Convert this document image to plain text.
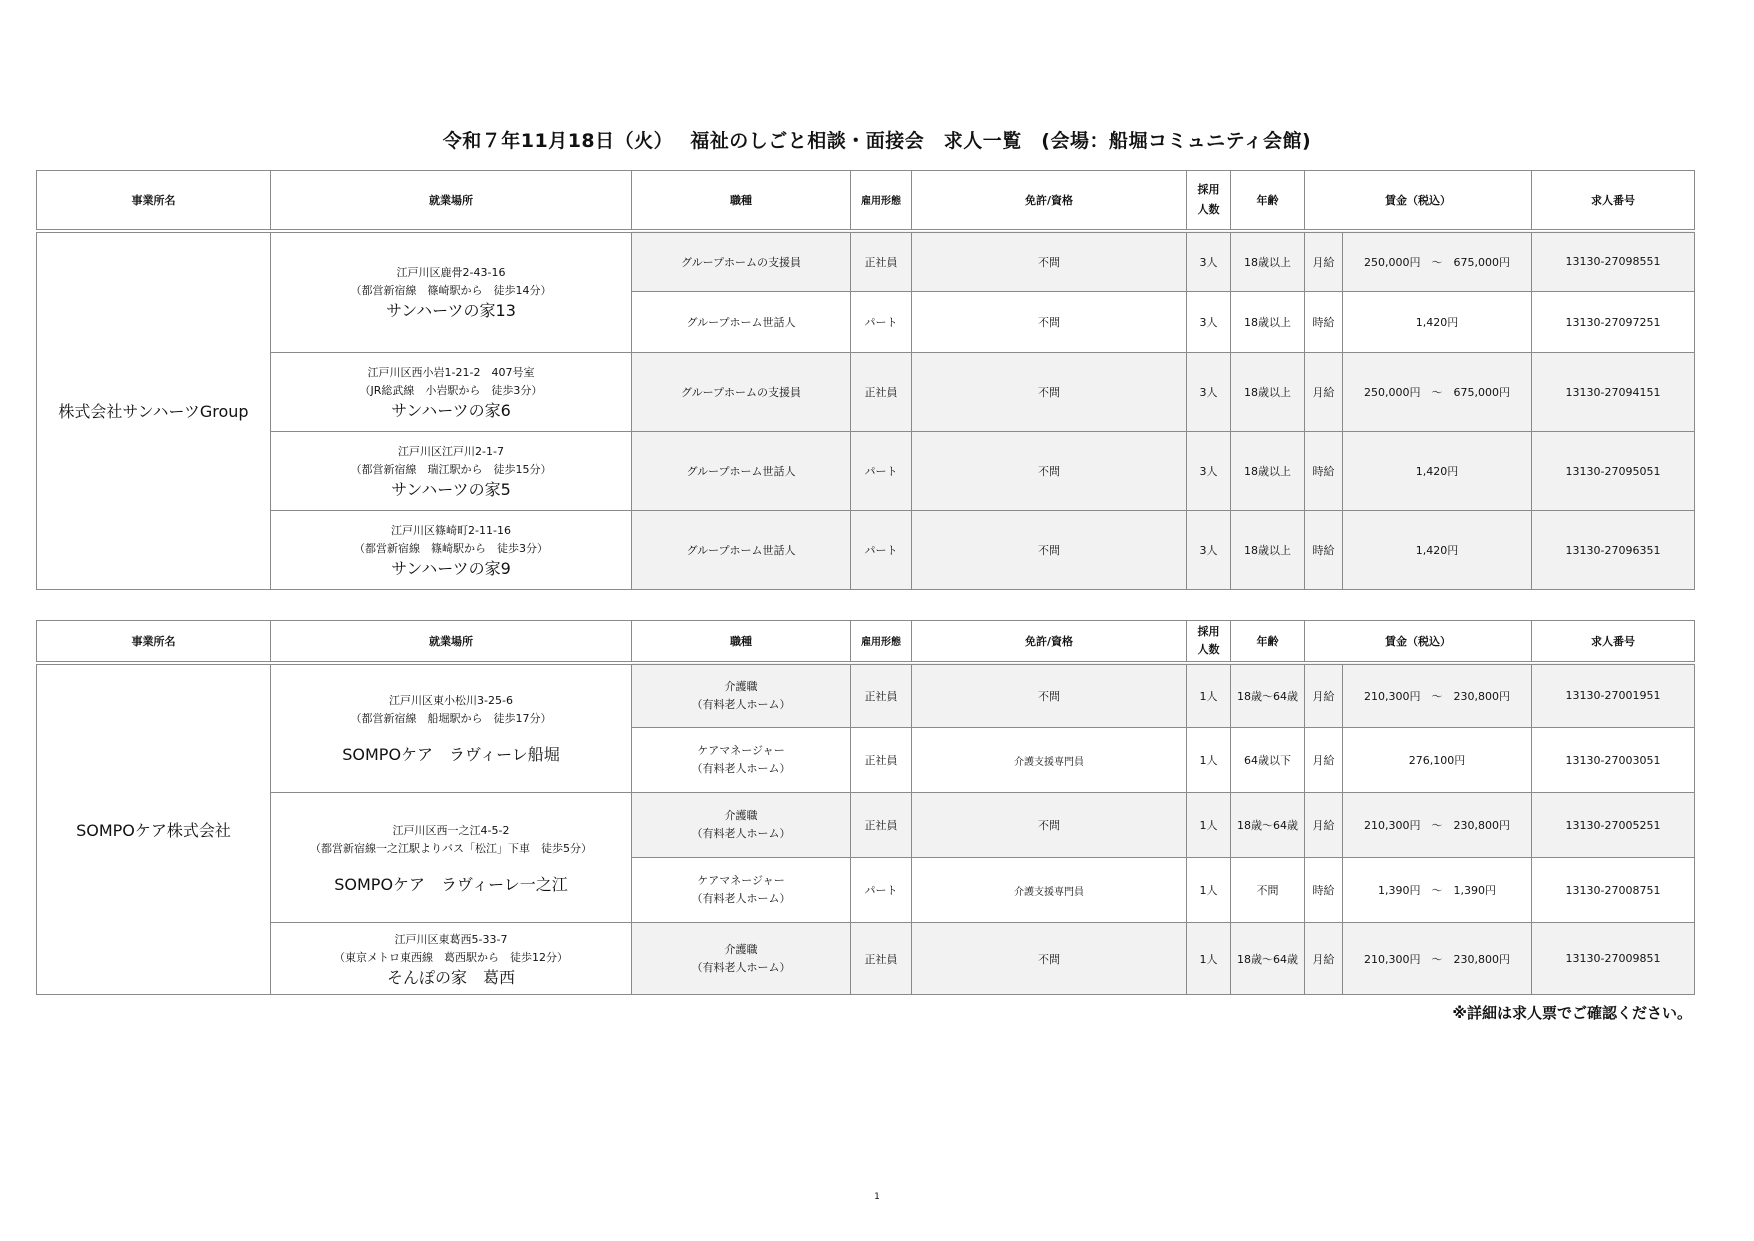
令和７年11月18日（火）　 福祉のしごと相談・面接会　求人一覧　(会場：船堀コミュニティ会館)
事業所名	就業場所	職種	雇用形態	免許/資格	採用
人数	年齢	賃金（税込）		求人番号
株式会社サンハーツGroup	江戸川区鹿骨2-43-16
（都営新宿線　篠崎駅から　徒歩14分）
サンハーツの家13	グループホームの支援員	正社員	不問	3人	18歳以上	月給	250,000円　～　675,000円	13130-27098551
		グループホーム世話人	パート	不問	3人	18歳以上	時給	1,420円	13130-27097251

	江戸川区西小岩1-21-2　407号室
（JR総武線　小岩駅から　徒歩3分）
サンハーツの家6	グループホームの支援員	正社員	不問	3人	18歳以上	月給	250,000円　～　675,000円	13130-27094151

	江戸川区江戸川2-1-7
（都営新宿線　瑞江駅から　徒歩15分）
サンハーツの家5	グループホーム世話人	パート	不問	3人	18歳以上	時給	1,420円	13130-27095051

	江戸川区篠崎町2-11-16
（都営新宿線　篠崎駅から　徒歩3分）
サンハーツの家9	グループホーム世話人	パート	不問	3人	18歳以上	時給	1,420円	13130-27096351
事業所名	就業場所	職種	雇用形態	免許/資格	採用
人数	年齢	賃金（税込）		求人番号
SOMPOケア株式会社	江戸川区東小松川3-25-6
（都営新宿線　船堀駅から　徒歩17分）
SOMPOケア　ラヴィーレ船堀	介護職
（有料老人ホーム）	正社員	不問	1人	18歳～64歳	月給	210,300円　～　230,800円	13130-27001951
		ケアマネージャー
（有料老人ホーム）	正社員	介護支援専門員	1人	64歳以下	月給	276,100円	13130-27003051

	江戸川区西一之江4-5-2
（都営新宿線一之江駅よりバス「松江」下車　徒歩5分）
SOMPOケア　ラヴィーレ一之江	介護職
（有料老人ホーム）	正社員	不問	1人	18歳～64歳	月給	210,300円　～　230,800円	13130-27005251
		ケアマネージャー
（有料老人ホーム）	パート	介護支援専門員	1人	不問	時給	1,390円　～　1,390円	13130-27008751

	江戸川区東葛西5-33-7
（東京メトロ東西線　葛西駅から　徒歩12分）
そんぽの家　葛西	介護職
（有料老人ホーム）	正社員	不問	1人	18歳～64歳	月給	210,300円　～　230,800円	13130-27009851
※詳細は求人票でご確認ください。
1
